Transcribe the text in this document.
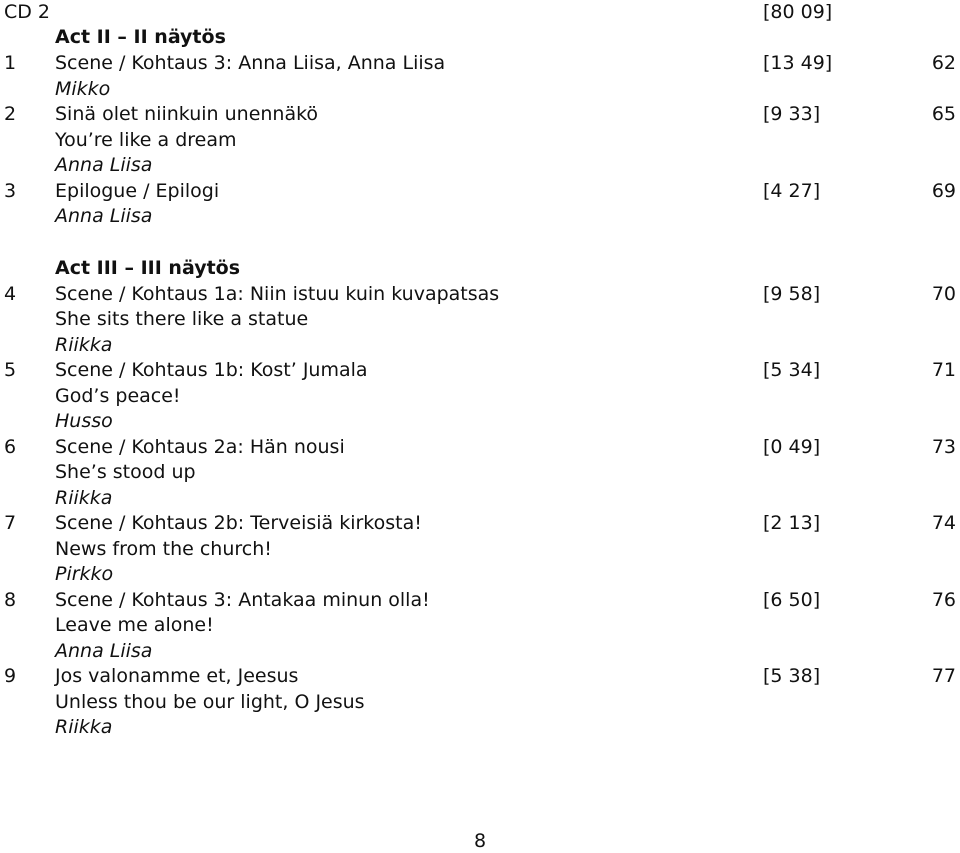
CD 2	[80 09]
Act II – II näytös
1 Scene / Kohtaus 3: Anna Liisa, Anna Liisa	[13 49]	62
Mikko
2 Sinä olet niinkuin unennäkö	[9 33]	65
You’re like a dream
Anna Liisa
3 Epilogue / Epilogi	[4 27]	69
Anna Liisa
Act III – III näytös
4 Scene / Kohtaus 1a: Niin istuu kuin kuvapatsas	[9 58]	70
She sits there like a statue
Riikka
5 Scene / Kohtaus 1b: Kost’ Jumala	[5 34]	71
God’s peace!
Husso
6 Scene / Kohtaus 2a: Hän nousi	[0 49]	73
She’s stood up
Riikka
7 Scene / Kohtaus 2b: Terveisiä kirkosta!	[2 13]	74
News from the church!
Pirkko
8 Scene / Kohtaus 3: Antakaa minun olla!	[6 50]	76
Leave me alone!
Anna Liisa
9 Jos valonamme et, Jeesus	[5 38]	77
Unless thou be our light, O Jesus
Riikka
8
